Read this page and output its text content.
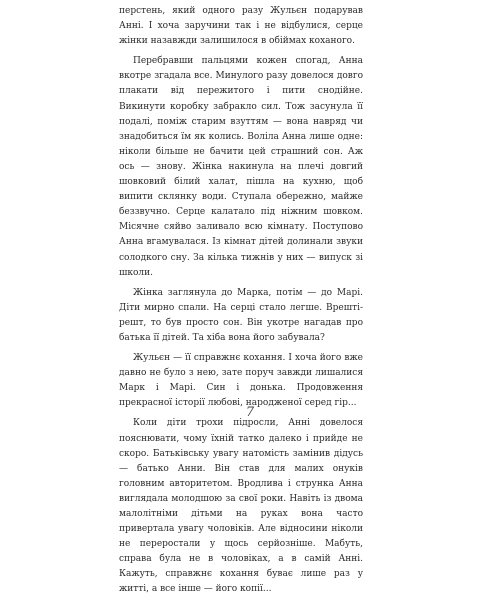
перстень, який одного разу Жульєн подарував Анні. І хоча заручини так і не відбулися, серце жінки назавжди залишилося в обіймах коханого.

Перебравши пальцями кожен спогад, Анна вкотре згадала все. Минулого разу довелося довго плакати від пережитого і пити снодійне. Викинути коробку забракло сил. Тож засунула її подалі, поміж старим взуттям — вона навряд чи знадобиться їм як колись. Воліла Анна лише одне: ніколи більше не бачити цей страшний сон. Аж ось — знову. Жінка накинула на плечі довгий шовковий білий халат, пішла на кухню, щоб випити склянку води. Ступала обережно, майже беззвучно. Серце калатало під ніжним шовком. Місячне сяйво заливало всю кімнату. Поступово Анна вгамувалася. Із кімнат дітей долинали звуки солодкого сну. За кілька тижнів у них — випуск зі школи.

Жінка заглянула до Марка, потім — до Марі. Діти мирно спали. На серці стало легше. Врешті-решт, то був просто сон. Він укотре нагадав про батька її дітей. Та хіба вона його забувала?

Жульєн — її справжнє кохання. І хоча його вже давно не було з нею, зате поруч завжди лишалися Марк і Марі. Син і донька. Продовження прекрасної історії любові, народженої серед гір...

Коли діти трохи підросли, Анні довелося пояснювати, чому їхній татко далеко і прийде не скоро. Батьківську увагу натомість замінив дідусь — батько Анни. Він став для малих онуків головним авторитетом. Вродлива і струнка Анна виглядала молодшою за свої роки. Навіть із двома малолітніми дітьми на руках вона часто привертала увагу чоловіків. Але відносини ніколи не переростали у щось серйозніше. Мабуть, справа була не в чоловіках, а в самій Анні. Кажуть, справжнє кохання буває лише раз у житті, а все інше — його копії...

7
